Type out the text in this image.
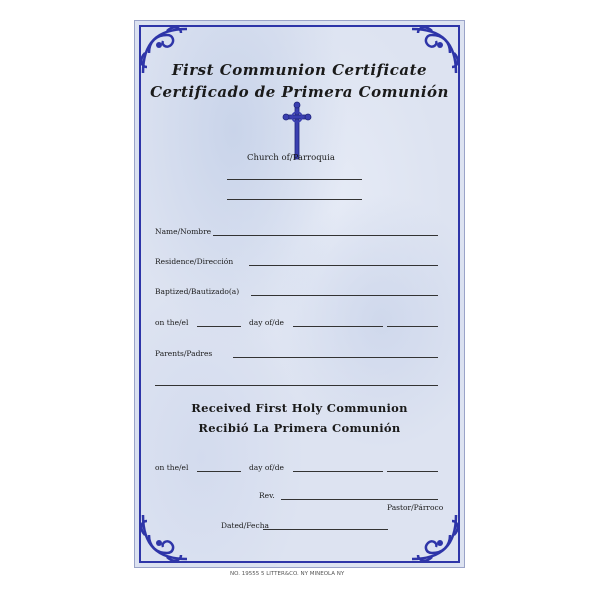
First Communion Certificate
Certificado de Primera Comunión
Church of/Parroquia
Name/Nombre
Residence/Dirección
Baptized/Bautizado(a)
on the/el	day of/de
Parents/Padres
Received First Holy Communion
Recibió La Primera Comunión
on the/el	day of/de
Rev.
Pastor/Párroco
Dated/Fecha
NO. 19555 5 LITTER&CO. NY MINEOLA NY
